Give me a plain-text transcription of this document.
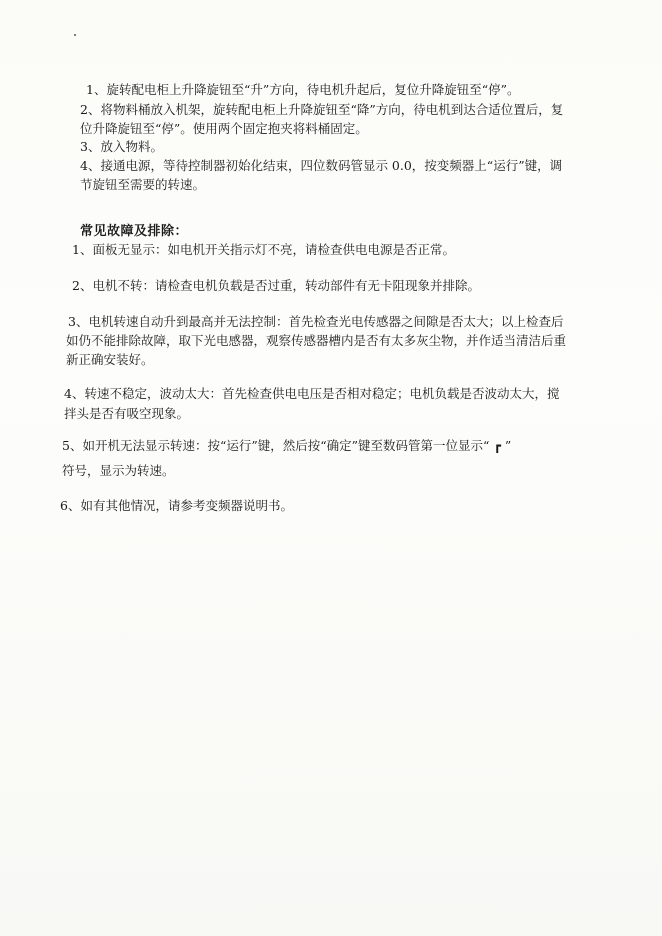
1、旋转配电柜上升降旋钮至“升”方向，待电机升起后，复位升降旋钮至“停”。
2、将物料桶放入机架，旋转配电柜上升降旋钮至“降”方向，待电机到达合适位置后，复
位升降旋钮至“停”。使用两个固定抱夹将料桶固定。
3、放入物料。
4、接通电源，等待控制器初始化结束，四位数码管显示 0.0，按变频器上“运行”键，调
节旋钮至需要的转速。
常见故障及排除：
1、面板无显示：如电机开关指示灯不亮，请检查供电电源是否正常。
2、电机不转：请检查电机负载是否过重，转动部件有无卡阻现象并排除。
3、电机转速自动升到最高并无法控制：首先检查光电传感器之间隙是否太大；以上检查后
如仍不能排除故障，取下光电感器，观察传感器槽内是否有太多灰尘物，并作适当清洁后重
新正确安装好。
4、转速不稳定，波动太大：首先检查供电电压是否相对稳定；电机负载是否波动太大，搅
拌头是否有吸空现象。
5、如开机无法显示转速：按“运行”键，然后按“确定”键至数码管第一位显示“ ┏ ”
符号，显示为转速。
6、如有其他情况，请参考变频器说明书。
